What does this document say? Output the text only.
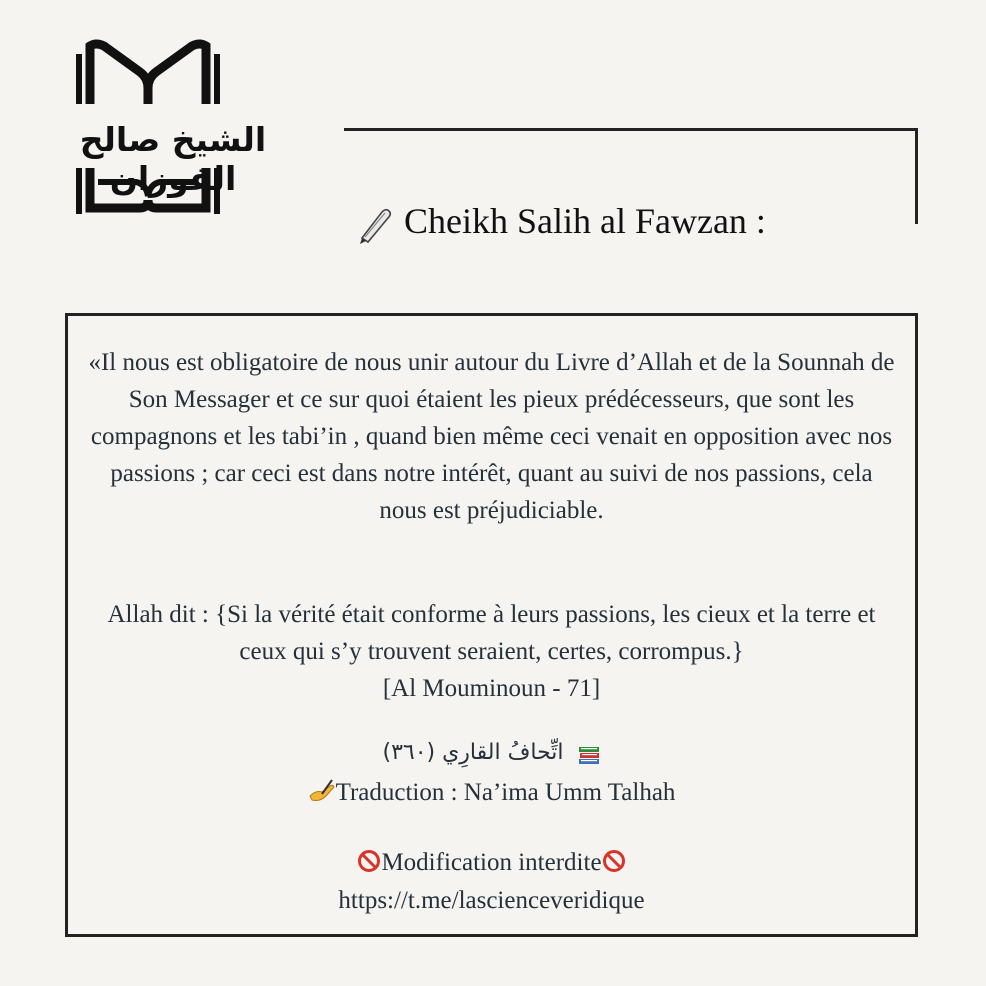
الشيخ صالح الفوزان
Cheikh Salih al Fawzan :

«Il nous est obligatoire de nous unir autour du Livre d’Allah et de la Sounnah de Son Messager et ce sur quoi étaient les pieux prédécesseurs, que sont les compagnons et les tabi’in , quand bien même ceci venait en opposition avec nos passions ; car ceci est dans notre intérêt, quant au suivi de nos passions, cela nous est préjudiciable.

Allah dit : {Si la vérité était conforme à leurs passions, les cieux et la terre et ceux qui s’y trouvent seraient, certes, corrompus.}

[Al Mouminoun - 71]

اتِّحافُ القارِي (٣٦٠)

Traduction : Na’ima Umm Talhah

Modification interdite

https://t.me/lascienceveridique
